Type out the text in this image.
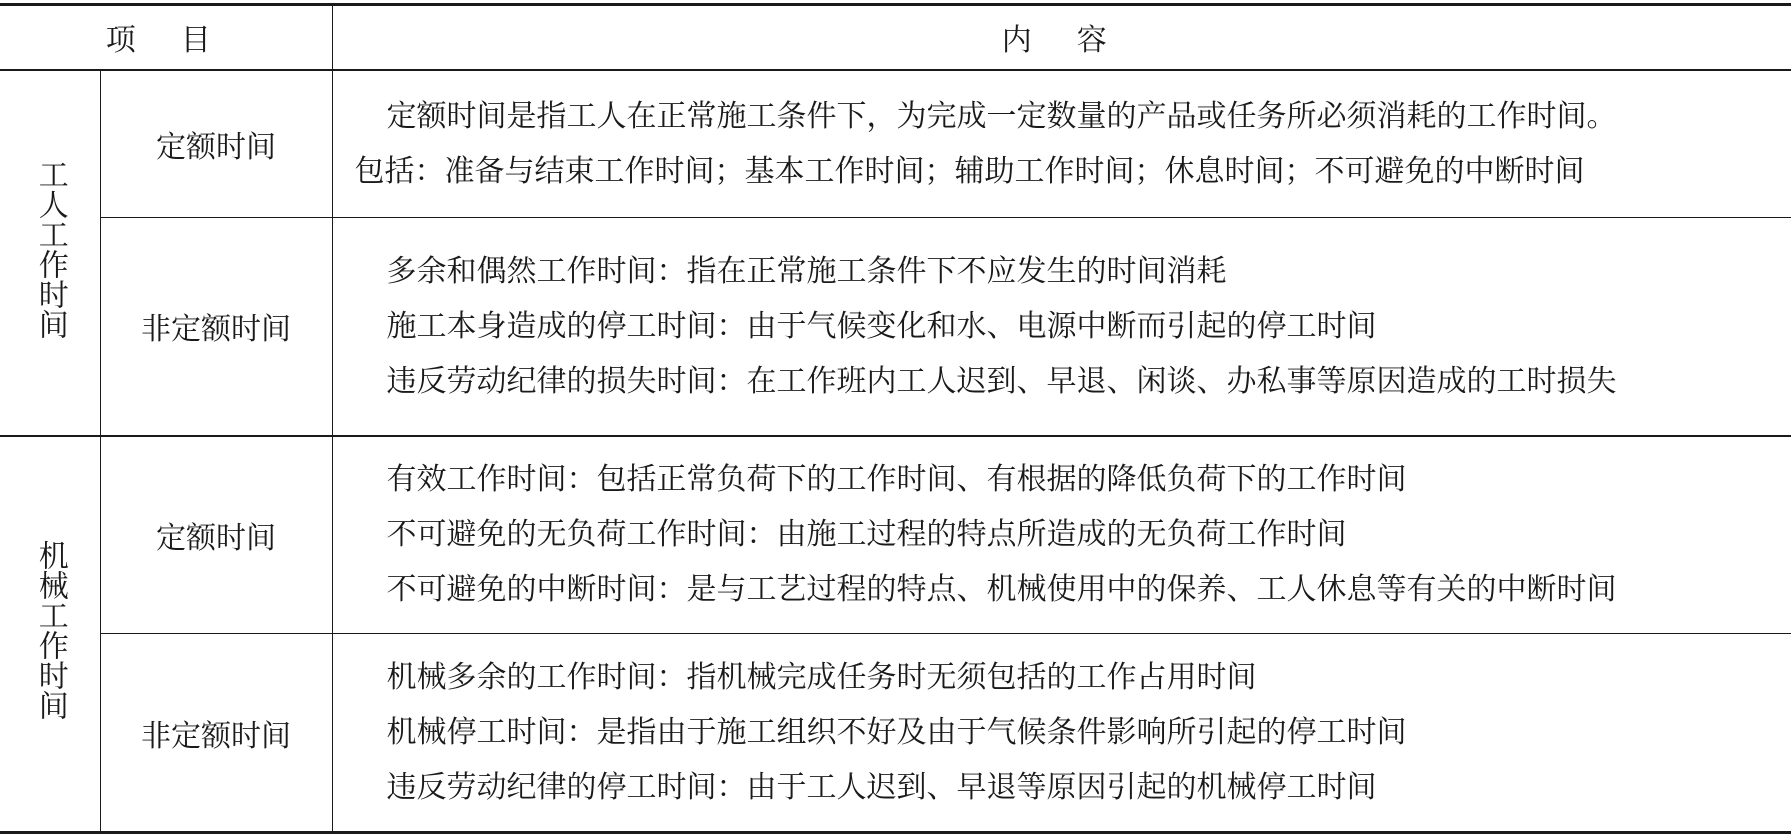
项目		内容
工人工作时间	定额时间	定额时间是指工人在正常施工条件下，为完成一定数量的产品或任务所必须消耗的工作时间。
包括：准备与结束工作时间；基本工作时间；辅助工作时间；休息时间；不可避免的中断时间

	非定额时间	多余和偶然工作时间：指在正常施工条件下不应发生的时间消耗
施工本身造成的停工时间：由于气候变化和水、电源中断而引起的停工时间
违反劳动纪律的损失时间：在工作班内工人迟到、早退、闲谈、办私事等原因造成的工时损失

机械工作时间	定额时间	有效工作时间：包括正常负荷下的工作时间、有根据的降低负荷下的工作时间
不可避免的无负荷工作时间：由施工过程的特点所造成的无负荷工作时间
不可避免的中断时间：是与工艺过程的特点、机械使用中的保养、工人休息等有关的中断时间

	非定额时间	机械多余的工作时间：指机械完成任务时无须包括的工作占用时间
机械停工时间：是指由于施工组织不好及由于气候条件影响所引起的停工时间
违反劳动纪律的停工时间：由于工人迟到、早退等原因引起的机械停工时间
